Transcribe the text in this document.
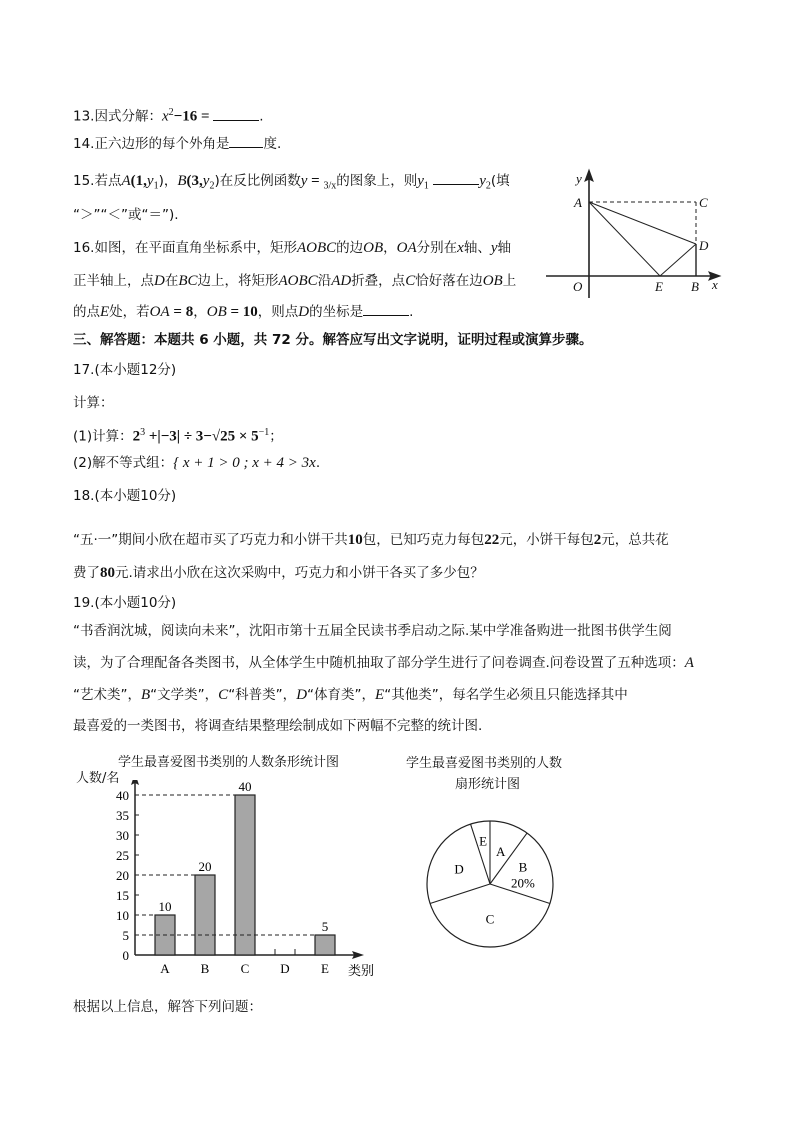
13.因式分解：$x^2-16$ =	.
14.正六边形的每个外角是	度.
15.若点$A(1,y_1)$，$B(3,y_2)$在反比例函数y = $_{3/x}$的图象上，则$y_1$	$y_2$(填
“＞”“＜”或“＝”).
16.如图，在平面直角坐标系中，矩形AOBC的边OB，OA分别在x轴、y轴
正半轴上，点D在BC边上，将矩形AOBC沿AD折叠，点C恰好落在边OB上
的点E处，若OA = 8，OB = 10，则点D的坐标是	.
三、解答题：本题共 6 小题，共 72 分。解答应写出文字说明，证明过程或演算步骤。
17.(本小题12分)
计算：
(1)计算：$2^3 +|-3| \div 3-√25 \times 5^{-1}$；
(2)解不等式组：{ x + 1 > 0 ; x + 4 > 3x.
18.(本小题10分)
“五·一”期间小欣在超市买了巧克力和小饼干共10包，已知巧克力每包22元，小饼干每包2元，总共花
费了80元.请求出小欣在这次采购中，巧克力和小饼干各买了多少包？
19.(本小题10分)
“书香润沈城，阅读向未来”，沈阳市第十五届全民读书季启动之际.某中学准备购进一批图书供学生阅
读，为了合理配备各类图书，从全体学生中随机抽取了部分学生进行了问卷调查.问卷设置了五种选项：A
“艺术类”，B“文学类”，C“科普类”，D“体育类”，E“其他类”，每名学生必须且只能选择其中
最喜爱的一类图书，将调查结果整理绘制成如下两幅不完整的统计图.
根据以上信息，解答下列问题：
y
x
A	C
D
O	E B
学生最喜爱图书类别的人数条形统计图
人数/名
0
5
10
15
20
25
30
35
40
10
A
20
B
40
C D
5
E 类别
学生最喜爱图书类别的人数
扇形统计图
A
B
20%
C
D
E
